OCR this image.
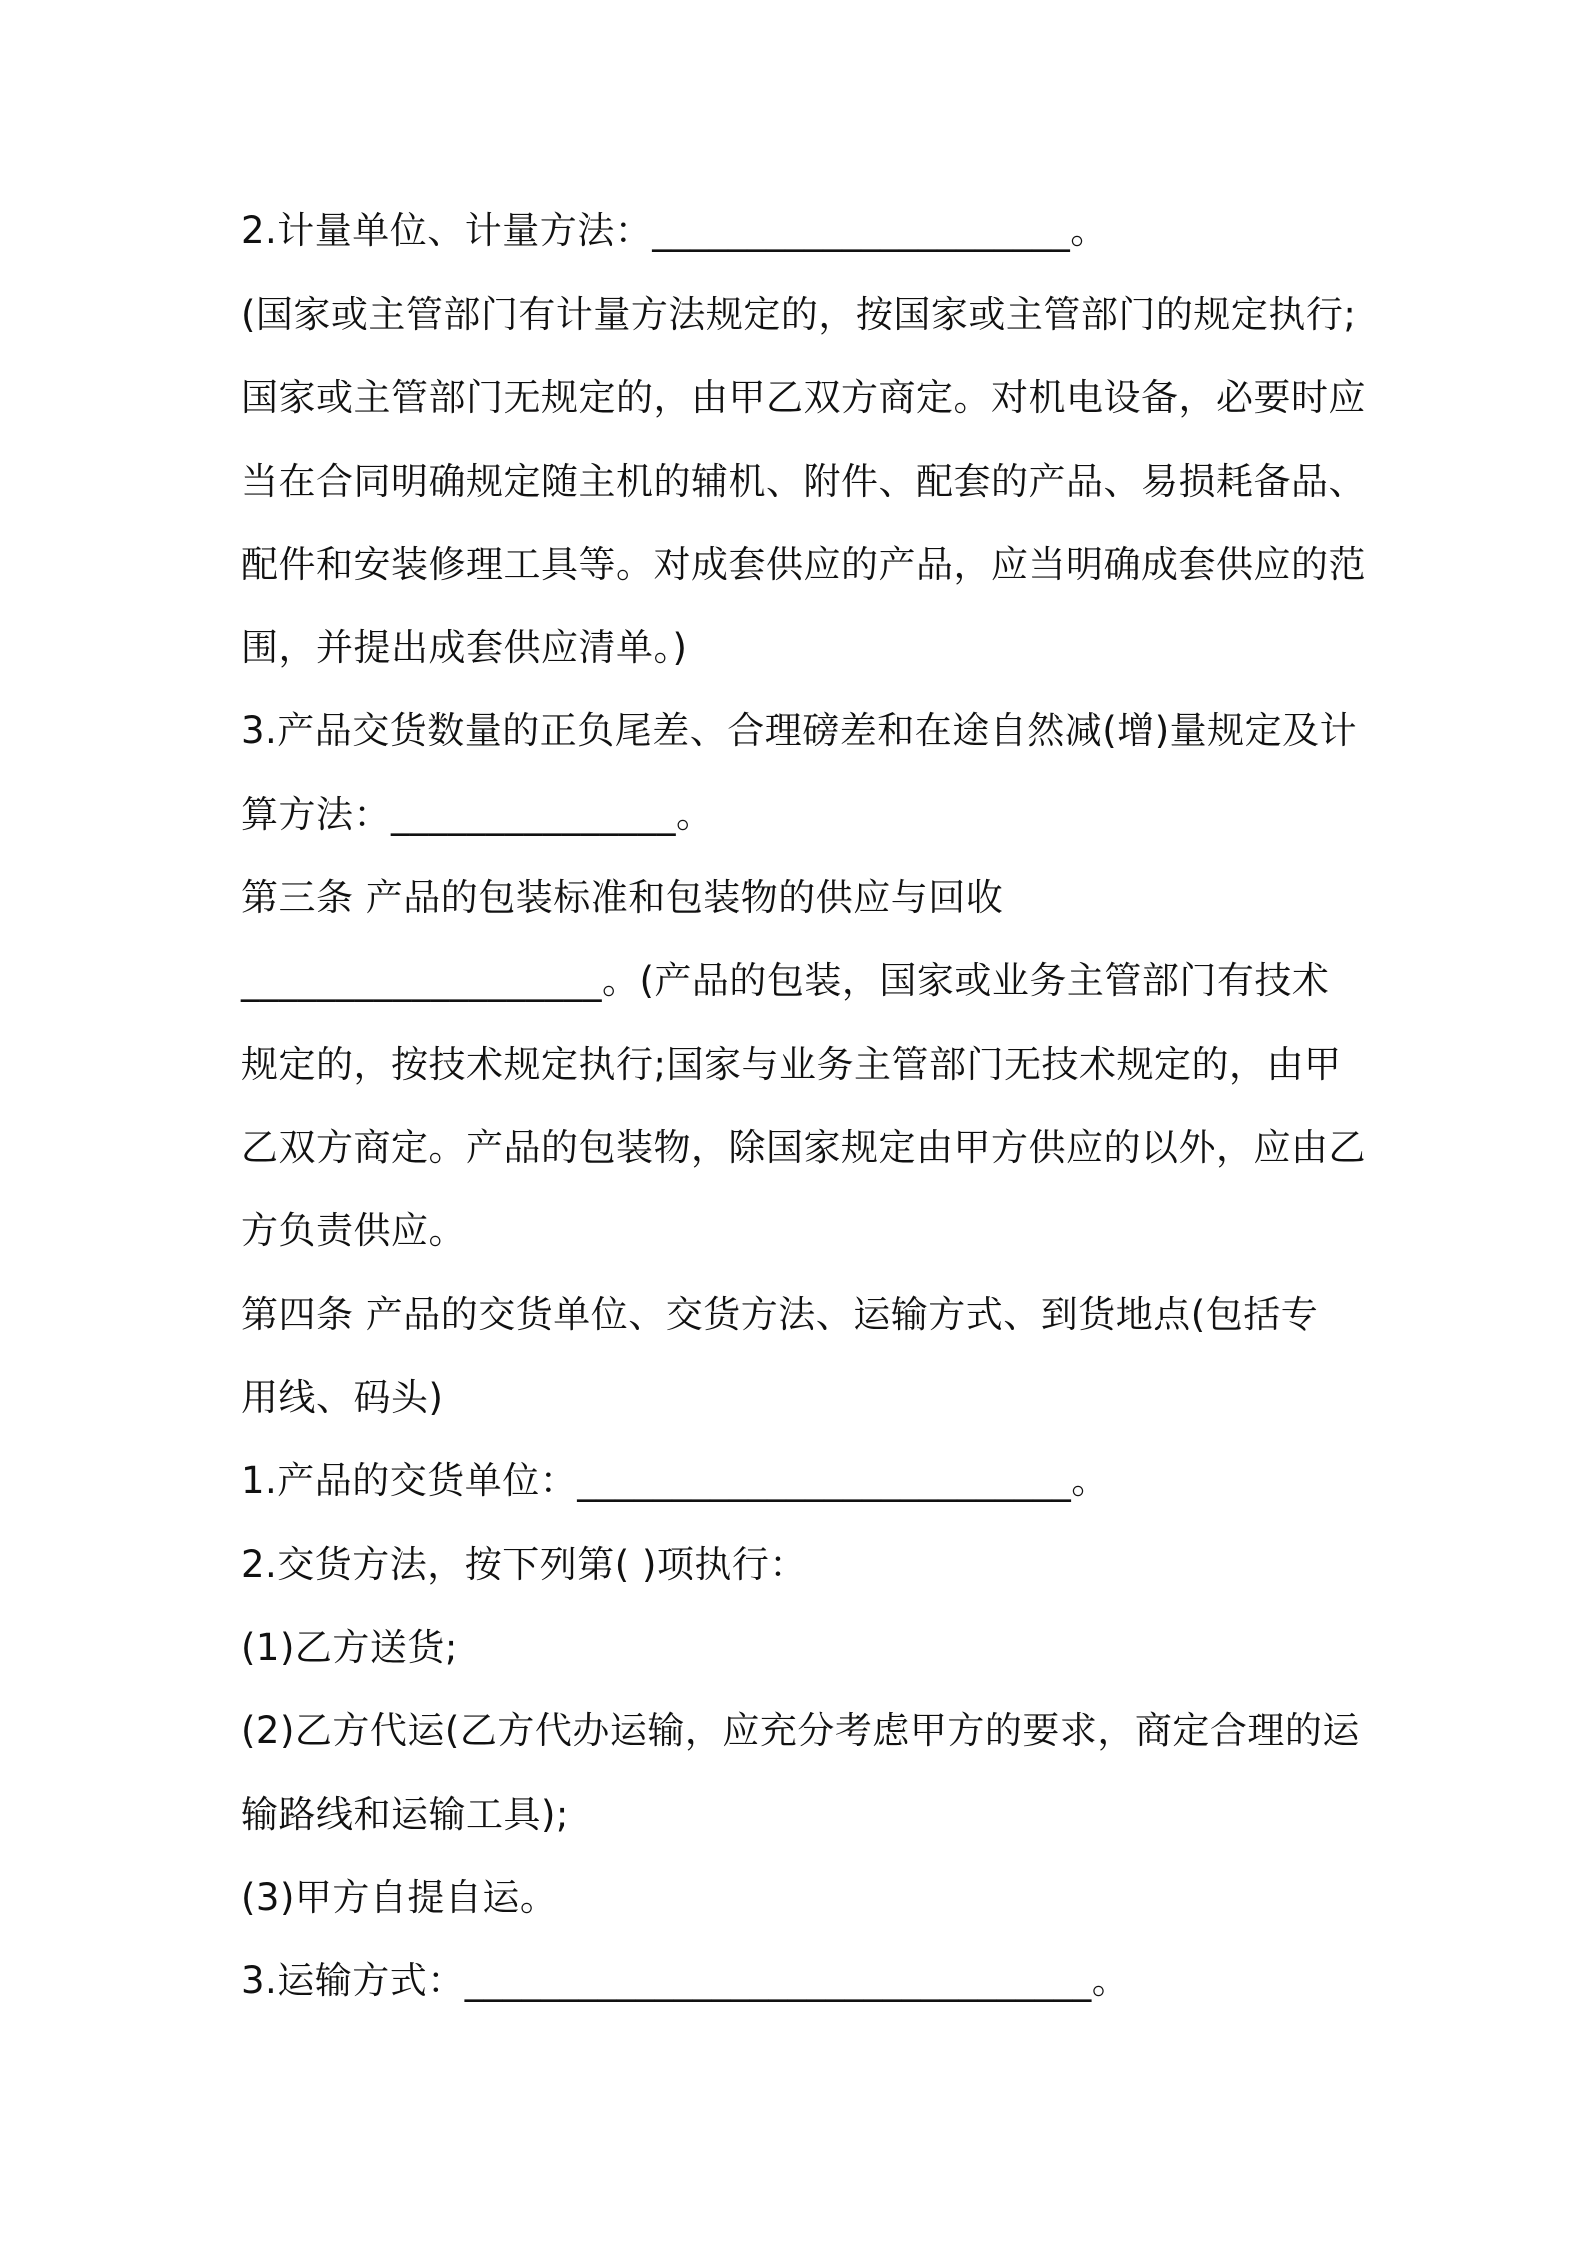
2.计量单位、计量方法：______________________。
(国家或主管部门有计量方法规定的，按国家或主管部门的规定执行;
国家或主管部门无规定的，由甲乙双方商定。对机电设备，必要时应
当在合同明确规定随主机的辅机、附件、配套的产品、易损耗备品、
配件和安装修理工具等。对成套供应的产品，应当明确成套供应的范
围，并提出成套供应清单。)
3.产品交货数量的正负尾差、合理磅差和在途自然减(增)量规定及计
算方法：_______________。
第三条 产品的包装标准和包装物的供应与回收
___________________。(产品的包装，国家或业务主管部门有技术
规定的，按技术规定执行;国家与业务主管部门无技术规定的，由甲
乙双方商定。产品的包装物，除国家规定由甲方供应的以外，应由乙
方负责供应。
第四条 产品的交货单位、交货方法、运输方式、到货地点(包括专
用线、码头)
1.产品的交货单位：__________________________。
2.交货方法，按下列第( )项执行：
(1)乙方送货;
(2)乙方代运(乙方代办运输，应充分考虑甲方的要求，商定合理的运
输路线和运输工具);
(3)甲方自提自运。
3.运输方式：_________________________________。
